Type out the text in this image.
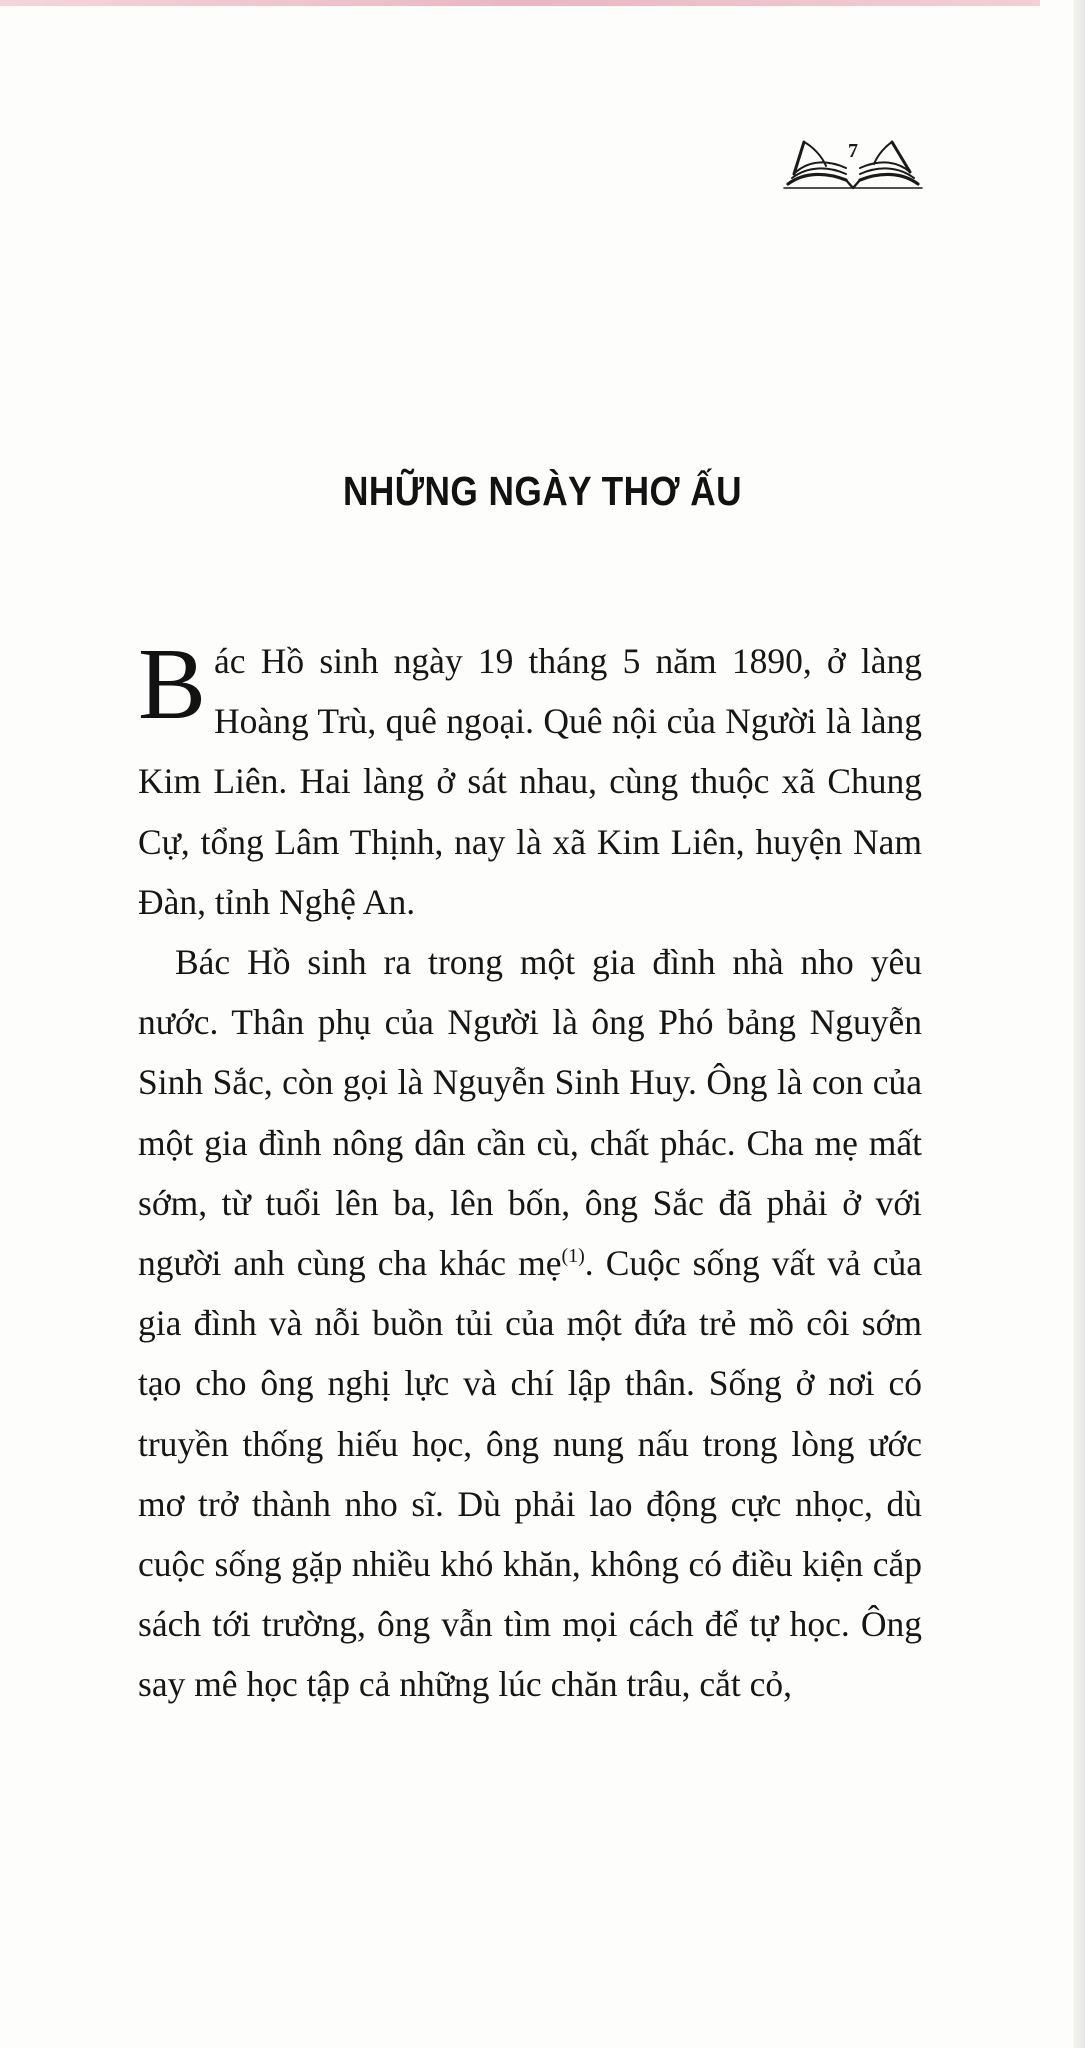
7
NHỮNG NGÀY THƠ ẤU

Bác Hồ sinh ngày 19 tháng 5 năm 1890, ở làng Hoàng Trù, quê ngoại. Quê nội của Người là làng Kim Liên. Hai làng ở sát nhau, cùng thuộc xã Chung Cự, tổng Lâm Thịnh, nay là xã Kim Liên, huyện Nam Đàn, tỉnh Nghệ An.

Bác Hồ sinh ra trong một gia đình nhà nho yêu nước. Thân phụ của Người là ông Phó bảng Nguyễn Sinh Sắc, còn gọi là Nguyễn Sinh Huy. Ông là con của một gia đình nông dân cần cù, chất phác. Cha mẹ mất sớm, từ tuổi lên ba, lên bốn, ông Sắc đã phải ở với người anh cùng cha khác mẹ$^{(1)}$. Cuộc sống vất vả của gia đình và nỗi buồn tủi của một đứa trẻ mồ côi sớm tạo cho ông nghị lực và chí lập thân. Sống ở nơi có truyền thống hiếu học, ông nung nấu trong lòng ước mơ trở thành nho sĩ. Dù phải lao động cực nhọc, dù cuộc sống gặp nhiều khó khăn, không có điều kiện cắp sách tới trường, ông vẫn tìm mọi cách để tự học. Ông say mê học tập cả những lúc chăn trâu, cắt cỏ,
